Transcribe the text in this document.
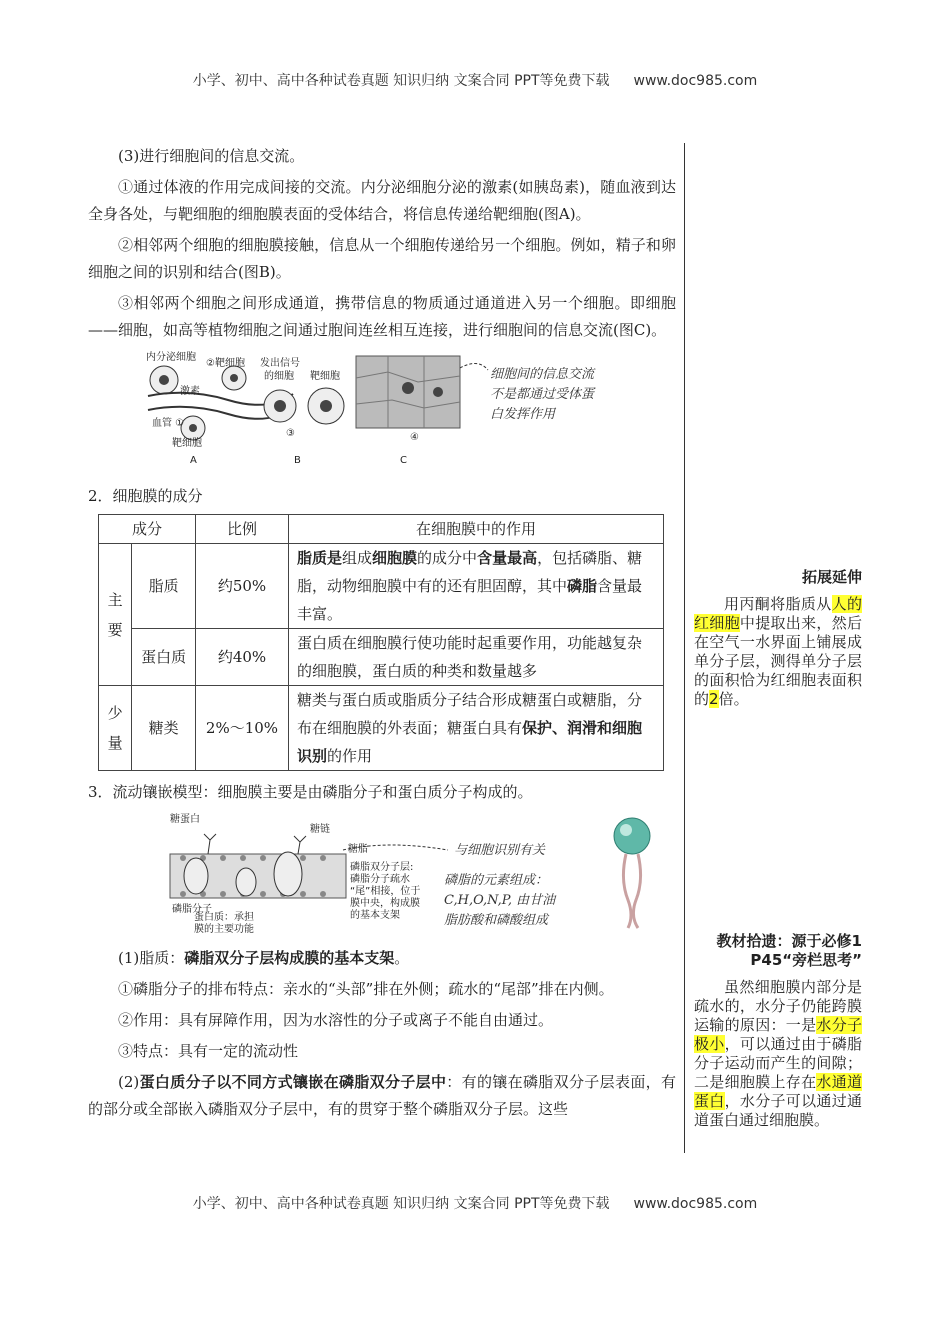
小学、初中、高中各种试卷真题 知识归纳 文案合同 PPT等免费下载 www.doc985.com

(3)进行细胞间的信息交流。

①通过体液的作用完成间接的交流。内分泌细胞分泌的激素(如胰岛素)，随血液到达全身各处，与靶细胞的细胞膜表面的受体结合，将信息传递给靶细胞(图A)。

②相邻两个细胞的细胞膜接触，信息从一个细胞传递给另一个细胞。例如，精子和卵细胞之间的识别和结合(图B)。

③相邻两个细胞之间形成通道，携带信息的物质通过通道进入另一个细胞。即细胞——细胞，如高等植物细胞之间通过胞间连丝相互连接，进行细胞间的信息交流(图C)。

内分泌细胞
②靶细胞
激素
血管 ①
靶细胞
A
发出信号
的细胞 靶细胞
③
B
④
C
细胞间的信息交流
不是都通过受体蛋
白发挥作用
2．细胞膜的成分
成分		比例	在细胞膜中的作用
主要	脂质	约50%	脂质是组成细胞膜的成分中含量最高，包括磷脂、糖脂，动物细胞膜中有的还有胆固醇，其中磷脂含量最丰富。
	蛋白质	约40%	蛋白质在细胞膜行使功能时起重要作用，功能越复杂的细胞膜，蛋白质的种类和数量越多
少量	糖类	2%～10%	糖类与蛋白质或脂质分子结合形成糖蛋白或糖脂，分布在细胞膜的外表面；糖蛋白具有保护、润滑和细胞识别的作用
3．流动镶嵌模型：细胞膜主要是由磷脂分子和蛋白质分子构成的。
糖蛋白
糖链
糖脂
磷脂分子
蛋白质：承担
膜的主要功能
磷脂双分子层:
磷脂分子疏水
“尾”相接，位于
膜中央，构成膜
的基本支架
与细胞识别有关
磷脂的元素组成：
C,H,O,N,P, 由甘油
脂肪酸和磷酸组成

(1)脂质：磷脂双分子层构成膜的基本支架。

①磷脂分子的排布特点：亲水的“头部”排在外侧；疏水的“尾部”排在内侧。

②作用：具有屏障作用，因为水溶性的分子或离子不能自由通过。

③特点：具有一定的流动性

(2)蛋白质分子以不同方式镶嵌在磷脂双分子层中：有的镶在磷脂双分子层表面，有的部分或全部嵌入磷脂双分子层中，有的贯穿于整个磷脂双分子层。这些

拓展延伸
用丙酮将脂质从人的红细胞中提取出来，然后在空气一水界面上铺展成单分子层，测得单分子层的面积恰为红细胞表面积的2倍。
教材拾遗：源于必修1 P45“旁栏思考”
虽然细胞膜内部分是疏水的，水分子仍能跨膜运输的原因：一是水分子极小，可以通过由于磷脂分子运动而产生的间隙；二是细胞膜上存在水通道蛋白，水分子可以通过通道蛋白通过细胞膜。
小学、初中、高中各种试卷真题 知识归纳 文案合同 PPT等免费下载 www.doc985.com
